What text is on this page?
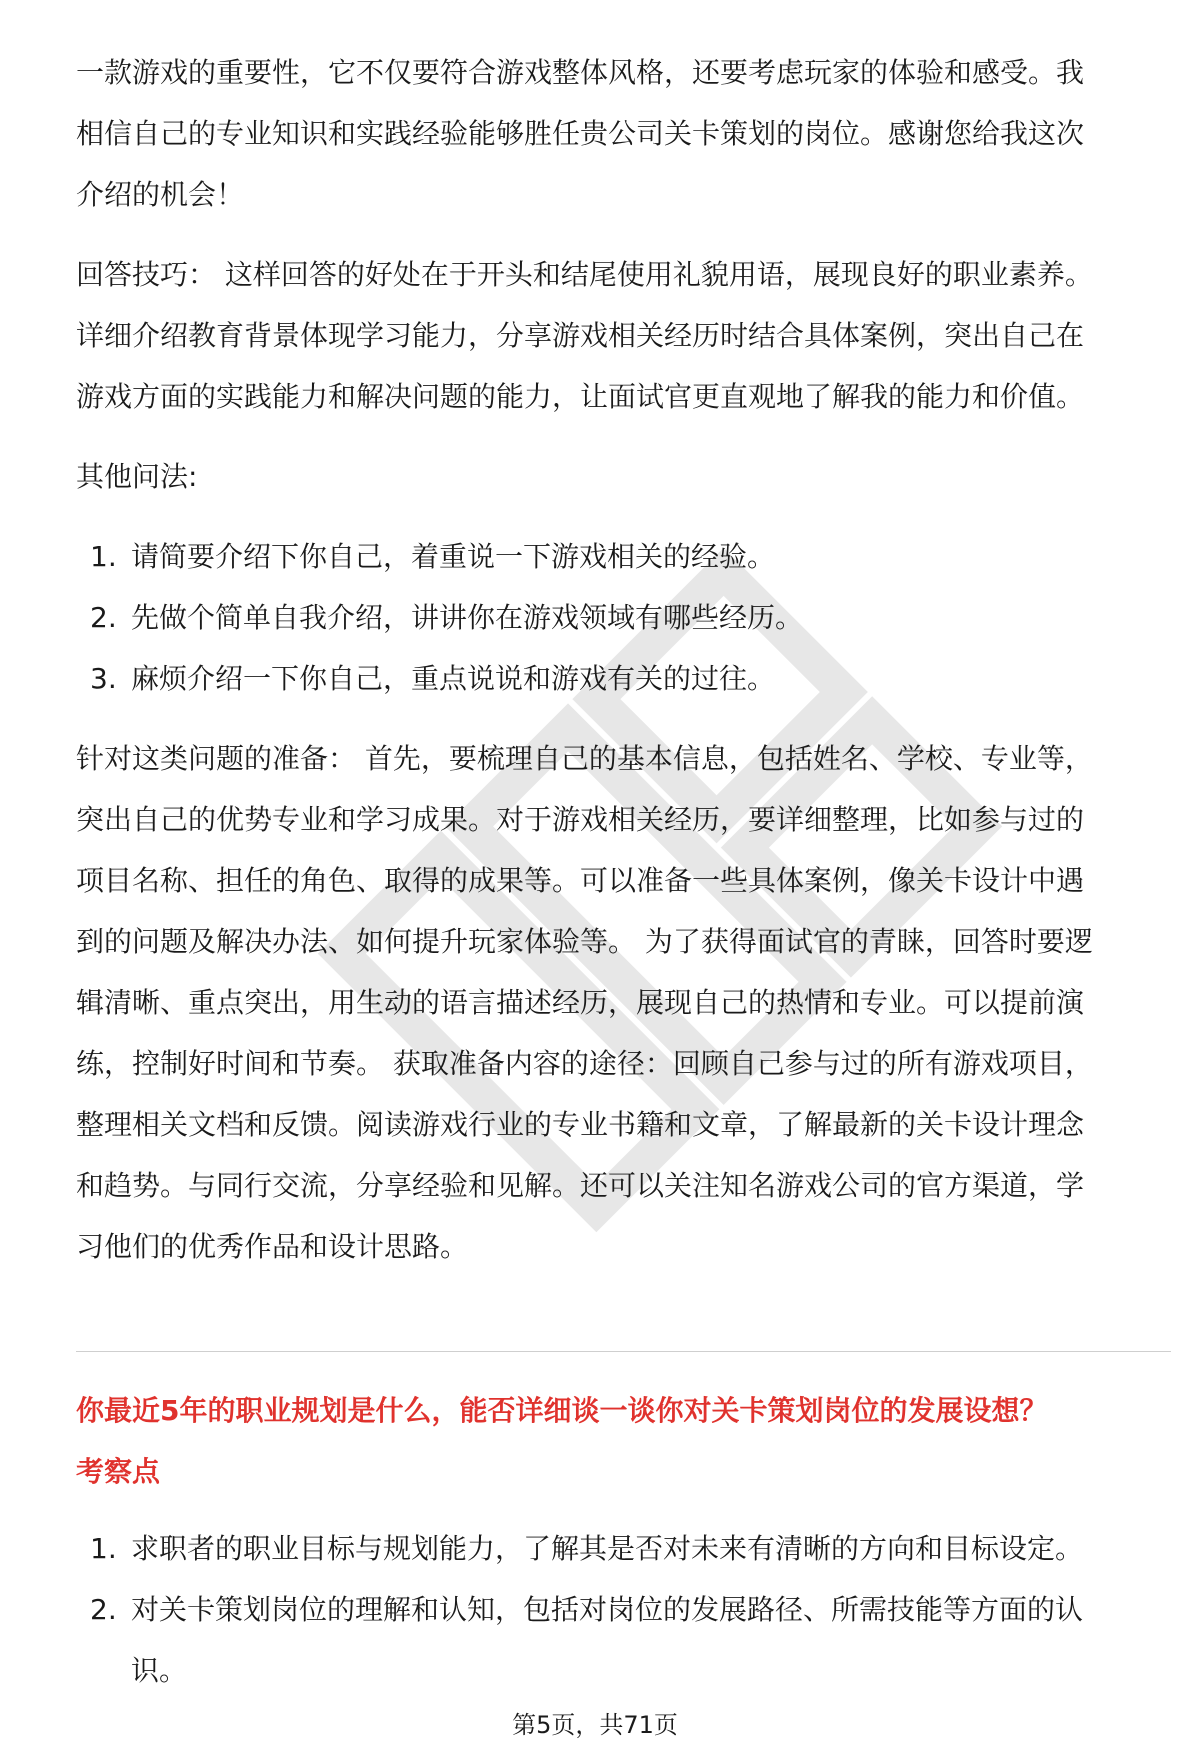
一款游戏的重要性，它不仅要符合游戏整体风格，还要考虑玩家的体验和感受。我
相信自己的专业知识和实践经验能够胜任贵公司关卡策划的岗位。感谢您给我这次
介绍的机会！

回答技巧： 这样回答的好处在于开头和结尾使用礼貌用语，展现良好的职业素养。
详细介绍教育背景体现学习能力，分享游戏相关经历时结合具体案例，突出自己在
游戏方面的实践能力和解决问题的能力，让面试官更直观地了解我的能力和价值。

其他问法:

1. 请简要介绍下你自己，着重说一下游戏相关的经验。
2. 先做个简单自我介绍，讲讲你在游戏领域有哪些经历。
3. 麻烦介绍一下你自己，重点说说和游戏有关的过往。

针对这类问题的准备： 首先，要梳理自己的基本信息，包括姓名、学校、专业等，
突出自己的优势专业和学习成果。对于游戏相关经历，要详细整理，比如参与过的
项目名称、担任的角色、取得的成果等。可以准备一些具体案例，像关卡设计中遇
到的问题及解决办法、如何提升玩家体验等。 为了获得面试官的青睐，回答时要逻
辑清晰、重点突出，用生动的语言描述经历，展现自己的热情和专业。可以提前演
练，控制好时间和节奏。 获取准备内容的途径：回顾自己参与过的所有游戏项目，
整理相关文档和反馈。阅读游戏行业的专业书籍和文章，了解最新的关卡设计理念
和趋势。与同行交流，分享经验和见解。还可以关注知名游戏公司的官方渠道，学
习他们的优秀作品和设计思路。

你最近5年的职业规划是什么，能否详细谈一谈你对关卡策划岗位的发展设想？

考察点

1. 求职者的职业目标与规划能力，了解其是否对未来有清晰的方向和目标设定。
2. 对关卡策划岗位的理解和认知，包括对岗位的发展路径、所需技能等方面的认
识。
第5页，共71页
